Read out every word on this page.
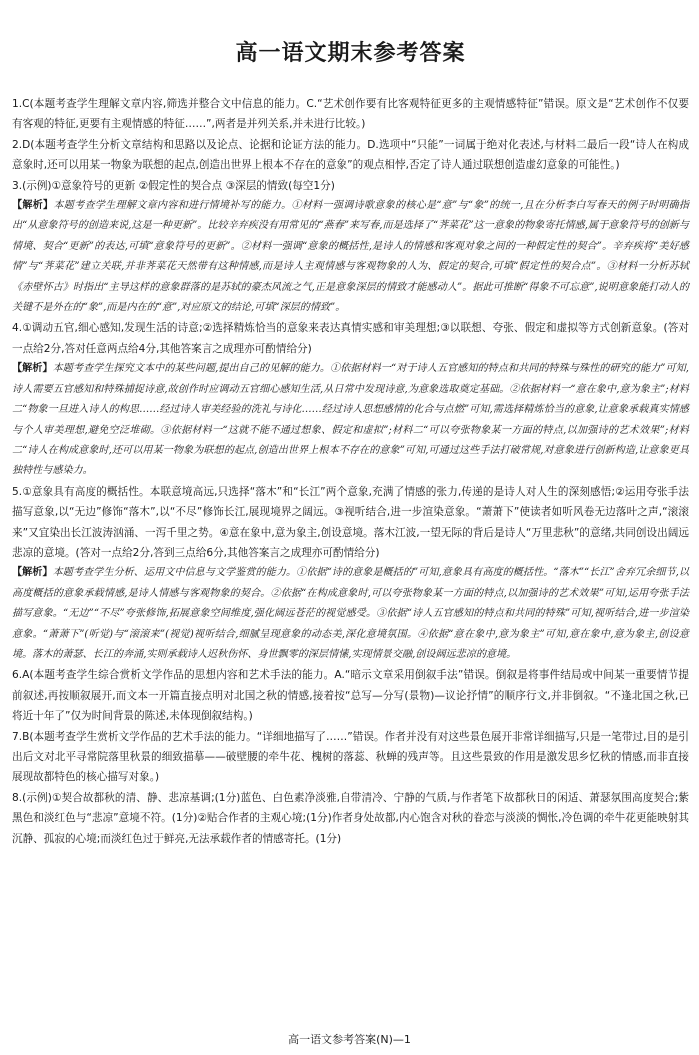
高一语文期末参考答案

1.C(本题考查学生理解文章内容,筛选并整合文中信息的能力。C.“艺术创作要有比客观特征更多的主观情感特征”错误。原文是“艺术创作不仅要有客观的特征,更要有主观情感的特征……”,两者是并列关系,并未进行比较。)

2.D(本题考查学生分析文章结构和思路以及论点、论据和论证方法的能力。D.选项中“只能”一词属于绝对化表述,与材料二最后一段“诗人在构成意象时,还可以用某一物象为联想的起点,创造出世界上根本不存在的意象”的观点相悖,否定了诗人通过联想创造虚幻意象的可能性。)

3.(示例)①意象符号的更新 ②假定性的契合点 ③深层的情致(每空1分)

【解析】本题考查学生理解文章内容和进行情境补写的能力。①材料一强调诗歌意象的核心是“意”与“象”的统一,且在分析李白写春天的例子时明确指出“从意象符号的创造来说,这是一种更新”。比较辛弃疾没有用常见的“燕春”来写春,而是选择了“荠菜花”这一意象的物象寄托情感,属于意象符号的创新与情境、契合“更新”的表达,可填“意象符号的更新”。②材料一强调“意象的概括性,是诗人的情感和客观对象之间的一种假定性的契合”。辛弃疾将“美好感情”与“荠菜花”建立关联,并非荠菜花天然带有这种情感,而是诗人主观情感与客观物象的人为、假定的契合,可填“假定性的契合点”。③材料一分析苏轼《赤壁怀古》时指出“主导这样的意象群落的是苏轼的豪杰风流之气,正是意象深层的情致才能感动人”。据此可推断“得象不可忘意”,说明意象能打动人的关键不是外在的“象”,而是内在的“意”,对应原文的结论,可填“深层的情致”。

4.①调动五官,细心感知,发现生活的诗意;②选择精炼恰当的意象来表达真情实感和审美理想;③以联想、夸张、假定和虚拟等方式创新意象。(答对一点给2分,答对任意两点给4分,其他答案言之成理亦可酌情给分)

【解析】本题考查学生探究文本中的某些问题,提出自己的见解的能力。①依据材料一“对于诗人五官感知的特点和共同的特殊与殊性的研究的能力”可知,诗人需要五官感知和特殊捕捉诗意,故创作时应调动五官细心感知生活,从日常中发现诗意,为意象选取奠定基础。②依据材料一“意在象中,意为象主”;材料二“物象一旦进入诗人的构思……经过诗人审美经验的洗礼与诗化……经过诗人思想感情的化合与点燃”可知,需选择精炼恰当的意象,让意象承载真实情感与个人审美理想,避免空泛堆砌。③依据材料一“这就不能不通过想象、假定和虚拟”;材料二“可以夸张物象某一方面的特点,以加强诗的艺术效果”;材料二“诗人在构成意象时,还可以用某一物象为联想的起点,创造出世界上根本不存在的意象”可知,可通过这些手法打破常规,对意象进行创新构造,让意象更具独特性与感染力。

5.①意象具有高度的概括性。本联意境高远,只选择“落木”和“长江”两个意象,充满了情感的张力,传递的是诗人对人生的深刻感悟;②运用夸张手法描写意象,以“无边”修饰“落木”,以“不尽”修饰长江,展现境界之阔远。③视听结合,进一步渲染意象。“萧萧下”使读者如听风卷无边落叶之声,“滚滚来”又宜染出长江波涛汹涌、一泻千里之势。④意在象中,意为象主,创设意境。落木江波,一望无际的背后是诗人“万里悲秋”的意绪,共同创设出阔远悲凉的意境。(答对一点给2分,答到三点给6分,其他答案言之成理亦可酌情给分)

【解析】本题考查学生分析、运用文中信息与文学鉴赏的能力。①依据“诗的意象是概括的”可知,意象具有高度的概括性。“落木”“长江”舍弃冗余细节,以高度概括的意象承载情感,是诗人情感与客观物象的契合。②依据“在构成意象时,可以夸张物象某一方面的特点,以加强诗的艺术效果”可知,运用夸张手法描写意象。“无边”“不尽”夸张修饰,拓展意象空间维度,强化阔远苍茫的视觉感受。③依据“诗人五官感知的特点和共同的特殊”可知,视听结合,进一步渲染意象。“萧萧下”(听觉)与“滚滚来”(视觉)视听结合,细腻呈现意象的动态美,深化意境氛围。④依据“意在象中,意为象主”可知,意在象中,意为象主,创设意境。落木的萧瑟、长江的奔涌,实则承载诗人迟秋伤怀、身世飘零的深层情愫,实现情景交融,创设阔远悲凉的意境。

6.A(本题考查学生综合赏析文学作品的思想内容和艺术手法的能力。A.“暗示文章采用倒叙手法”错误。倒叙是将事件结局或中间某一重要情节提前叙述,再按顺叙展开,而文本一开篇直接点明对北国之秋的情感,接着按“总写—分写(景物)—议论抒情”的顺序行文,并非倒叙。“不逢北国之秋,已将近十年了”仅为时间背景的陈述,未体现倒叙结构。)

7.B(本题考查学生赏析文学作品的艺术手法的能力。“详细地描写了……”错误。作者并没有对这些景色展开非常详细描写,只是一笔带过,目的是引出后文对北平寻常院落里秋景的细致描摹——破壁腰的牵牛花、槐树的落蕊、秋蝉的残声等。且这些景致的作用是激发思乡忆秋的情感,而非直接展现故都特色的核心描写对象。)

8.(示例)①契合故都秋的清、静、悲凉基调;(1分)蓝色、白色素净淡雅,自带清冷、宁静的气质,与作者笔下故都秋日的闲适、萧瑟氛围高度契合;紫黑色和淡红色与“悲凉”意境不符。(1分)②贴合作者的主观心境;(1分)作者身处故都,内心饱含对秋的眷恋与淡淡的惆怅,冷色调的牵牛花更能映射其沉静、孤寂的心境;而淡红色过于鲜亮,无法承载作者的情感寄托。(1分)

高一语文参考答案(N)—1
